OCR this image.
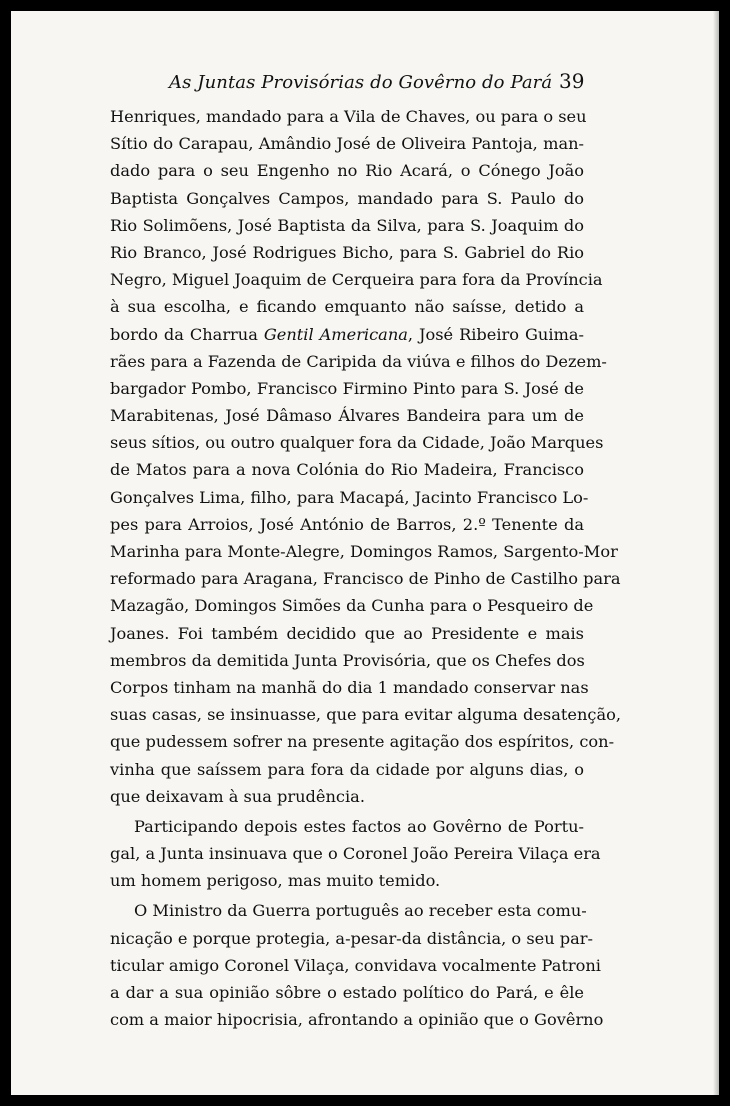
As Juntas Provisórias do Govêrno do Pará 39
Henriques, mandado para a Vila de Chaves, ou para o seu
Sítio do Carapau, Amândio José de Oliveira Pantoja, man-
dado para o seu Engenho no Rio Acará, o Cónego João
Baptista Gonçalves Campos, mandado para S. Paulo do
Rio Solimõens, José Baptista da Silva, para S. Joaquim do
Rio Branco, José Rodrigues Bicho, para S. Gabriel do Rio
Negro, Miguel Joaquim de Cerqueira para fora da Província
à sua escolha, e ficando emquanto não saísse, detido a
bordo da Charrua Gentil Americana, José Ribeiro Guima-
rães para a Fazenda de Caripida da viúva e filhos do Dezem-
bargador Pombo, Francisco Firmino Pinto para S. José de
Marabitenas, José Dâmaso Álvares Bandeira para um de
seus sítios, ou outro qualquer fora da Cidade, João Marques
de Matos para a nova Colónia do Rio Madeira, Francisco
Gonçalves Lima, filho, para Macapá, Jacinto Francisco Lo-
pes para Arroios, José António de Barros, 2.º Tenente da
Marinha para Monte-Alegre, Domingos Ramos, Sargento-Mor
reformado para Aragana, Francisco de Pinho de Castilho para
Mazagão, Domingos Simões da Cunha para o Pesqueiro de
Joanes. Foi também decidido que ao Presidente e mais
membros da demitida Junta Provisória, que os Chefes dos
Corpos tinham na manhã do dia 1 mandado conservar nas
suas casas, se insinuasse, que para evitar alguma desatenção,
que pudessem sofrer na presente agitação dos espíritos, con-
vinha que saíssem para fora da cidade por alguns dias, o
que deixavam à sua prudência.
Participando depois estes factos ao Govêrno de Portu-
gal, a Junta insinuava que o Coronel João Pereira Vilaça era
um homem perigoso, mas muito temido.
O Ministro da Guerra português ao receber esta comu-
nicação e porque protegia, a-pesar-da distância, o seu par-
ticular amigo Coronel Vilaça, convidava vocalmente Patroni
a dar a sua opinião sôbre o estado político do Pará, e êle
com a maior hipocrisia, afrontando a opinião que o Govêrno
